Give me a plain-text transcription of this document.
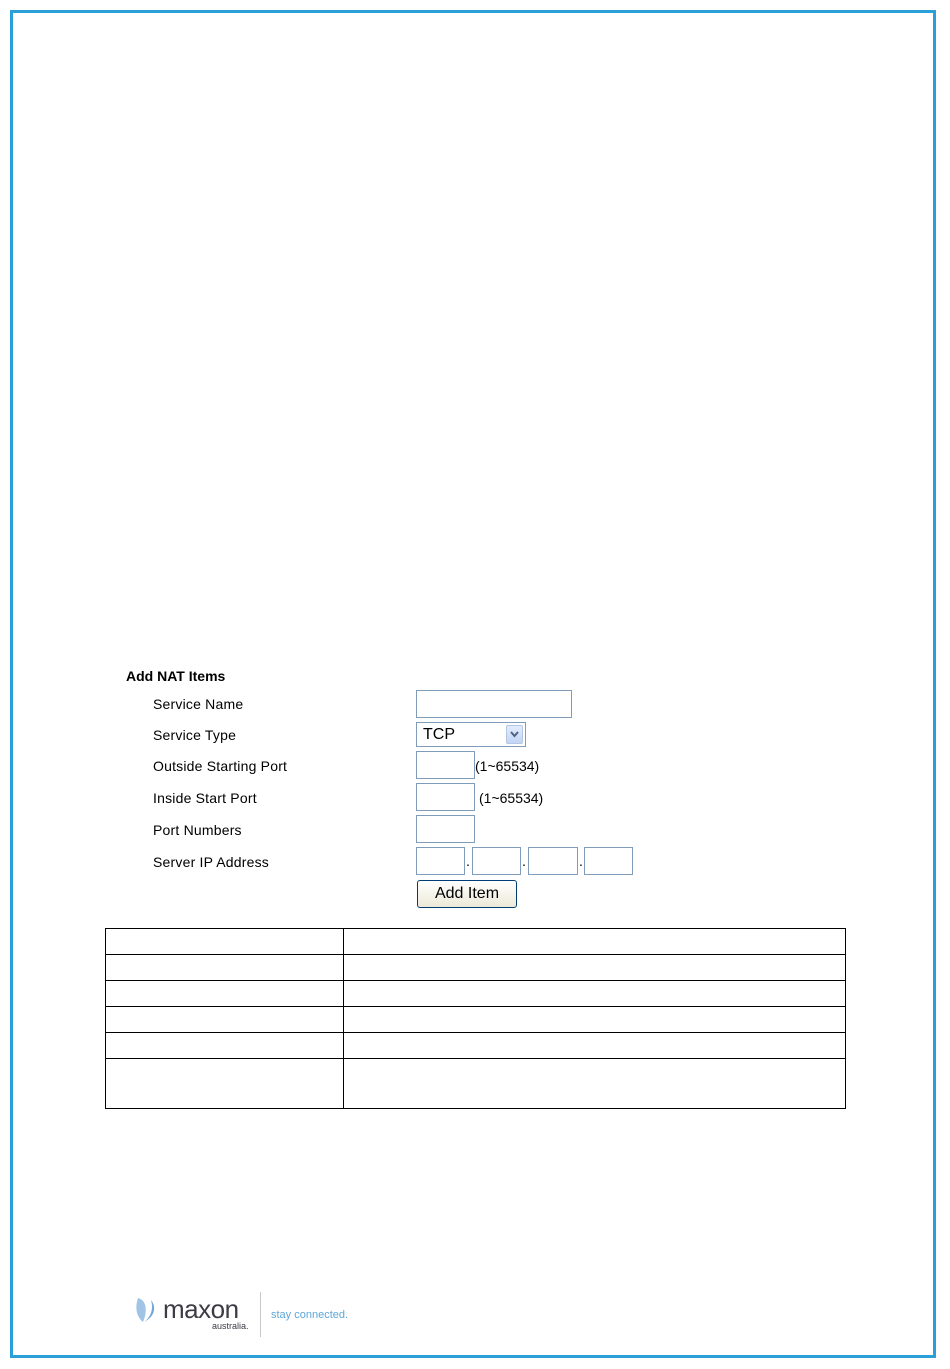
Add NAT Items
Service Name
Service Type	TCP
Outside Starting Port	(1~65534)
Inside Start Port	(1~65534)
Port Numbers
Server IP Address	.	.	.
Add Item

maxon
australia.
stay connected.
